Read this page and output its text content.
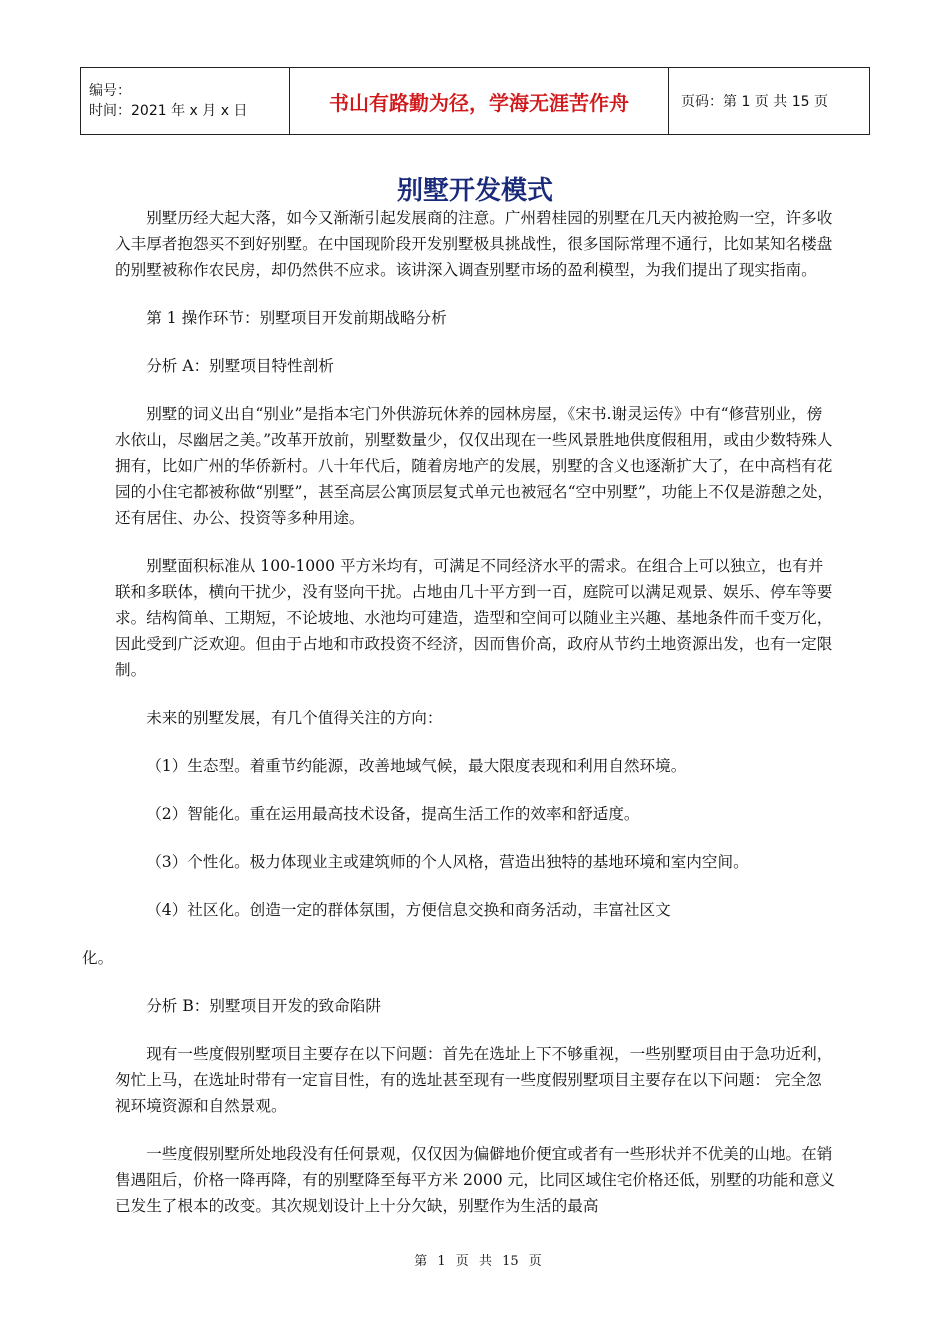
编号：
时间：2021 年 x 月 x 日	书山有路勤为径，学海无涯苦作舟	页码：第 1 页 共 15 页
别墅开发模式

别墅历经大起大落，如今又渐渐引起发展商的注意。广州碧桂园的别墅在几天内被抢购一空，许多收入丰厚者抱怨买不到好别墅。在中国现阶段开发别墅极具挑战性，很多国际常理不通行，比如某知名楼盘的别墅被称作农民房，却仍然供不应求。该讲深入调查别墅市场的盈利模型，为我们提出了现实指南。

第 1 操作环节：别墅项目开发前期战略分析

分析 A：别墅项目特性剖析

别墅的词义出自“别业”是指本宅门外供游玩休养的园林房屋，《宋书.谢灵运传》中有“修营别业，傍水依山，尽幽居之美。”改革开放前，别墅数量少，仅仅出现在一些风景胜地供度假租用，或由少数特殊人拥有，比如广州的华侨新村。八十年代后，随着房地产的发展，别墅的含义也逐渐扩大了，在中高档有花园的小住宅都被称做“别墅”，甚至高层公寓顶层复式单元也被冠名“空中别墅”，功能上不仅是游憩之处，还有居住、办公、投资等多种用途。

别墅面积标准从 100-1000 平方米均有，可满足不同经济水平的需求。在组合上可以独立，也有并联和多联体，横向干扰少，没有竖向干扰。占地由几十平方到一百，庭院可以满足观景、娱乐、停车等要求。结构简单、工期短，不论坡地、水池均可建造，造型和空间可以随业主兴趣、基地条件而千变万化，因此受到广泛欢迎。但由于占地和市政投资不经济，因而售价高，政府从节约土地资源出发，也有一定限制。

未来的别墅发展，有几个值得关注的方向：

（1）生态型。着重节约能源，改善地域气候，最大限度表现和利用自然环境。

（2）智能化。重在运用最高技术设备，提高生活工作的效率和舒适度。

（3）个性化。极力体现业主或建筑师的个人风格，营造出独特的基地环境和室内空间。

（4）社区化。创造一定的群体氛围，方便信息交换和商务活动，丰富社区文

化。

分析 B：别墅项目开发的致命陷阱

现有一些度假别墅项目主要存在以下问题：首先在选址上下不够重视，一些别墅项目由于急功近利，匆忙上马，在选址时带有一定盲目性，有的选址甚至现有一些度假别墅项目主要存在以下问题： 完全忽视环境资源和自然景观。

一些度假别墅所处地段没有任何景观，仅仅因为偏僻地价便宜或者有一些形状并不优美的山地。在销售遇阻后，价格一降再降，有的别墅降至每平方米 2000 元，比同区域住宅价格还低，别墅的功能和意义已发生了根本的改变。其次规划设计上十分欠缺，别墅作为生活的最高

第 1 页 共 15 页
